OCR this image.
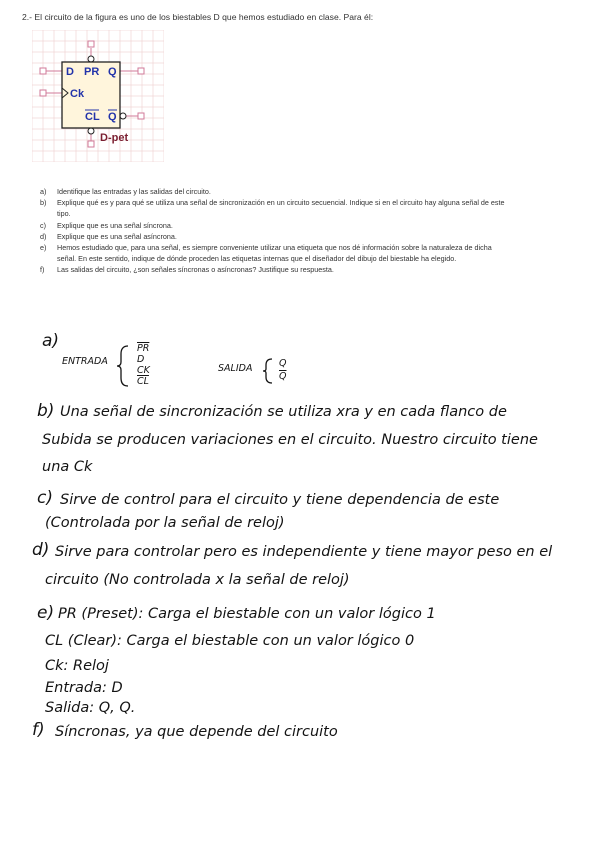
2.- El circuito de la figura es uno de los biestables D que hemos estudiado en clase. Para él:
D PR Q
Ck
CL Q
D-pet
a) Identifique las entradas y las salidas del circuito.
b) Explique qué es y para qué se utiliza una señal de sincronización en un circuito secuencial. Indique si en el circuito hay alguna señal de este tipo.
c) Explique que es una señal síncrona.
d) Explique que es una señal asíncrona.
e) Hemos estudiado que, para una señal, es siempre conveniente utilizar una etiqueta que nos dé información sobre la naturaleza de dicha señal. En este sentido, indique de dónde proceden las etiquetas internas que el diseñador del dibujo del biestable ha elegido.
f) Las salidas del circuito, ¿son señales síncronas o asíncronas? Justifique su respuesta.
a)
ENTRADA
$\overline{PR}$
D
CK
$\overline{CL}$
SALIDA	Q
$\overline{Q}$
b) Una señal de sincronización se utiliza xra y en cada flanco de
Subida se producen variaciones en el circuito. Nuestro circuito tiene
una Ck
c) Sirve de control para el circuito y tiene dependencia de este
(Controlada por la señal de reloj)
d) Sirve para controlar pero es independiente y tiene mayor peso en el
circuito (No controlada x la señal de reloj)
e) PR (Preset): Carga el biestable con un valor lógico 1
CL (Clear): Carga el biestable con un valor lógico 0
Ck: Reloj
Entrada: D
Salida: Q, Q.
f) Síncronas, ya que depende del circuito
